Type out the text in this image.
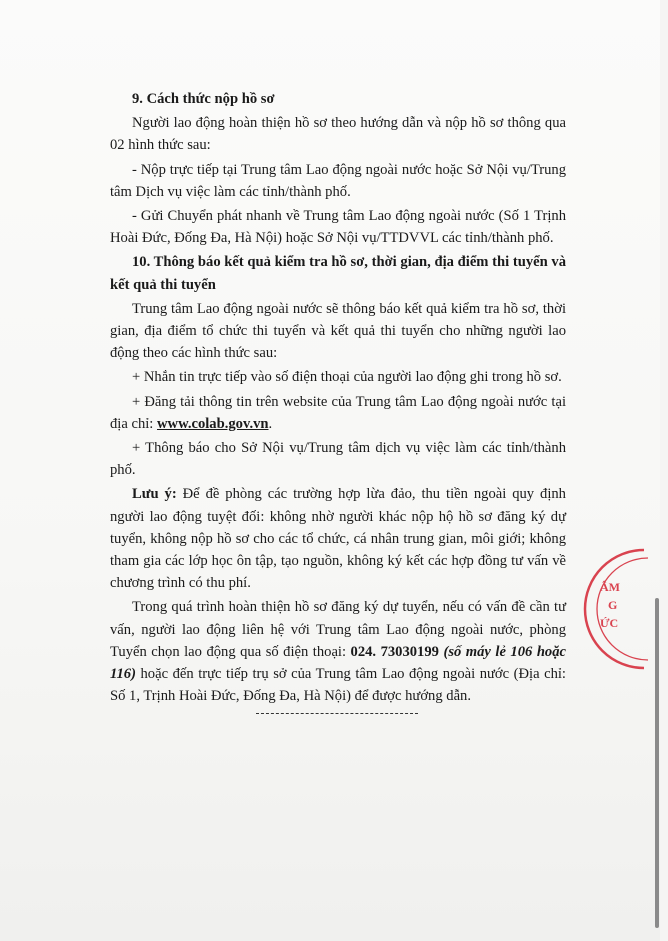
9. Cách thức nộp hồ sơ

Người lao động hoàn thiện hồ sơ theo hướng dẫn và nộp hồ sơ thông qua 02 hình thức sau:

- Nộp trực tiếp tại Trung tâm Lao động ngoài nước hoặc Sở Nội vụ/Trung tâm Dịch vụ việc làm các tỉnh/thành phố.

- Gửi Chuyển phát nhanh về Trung tâm Lao động ngoài nước (Số 1 Trịnh Hoài Đức, Đống Đa, Hà Nội) hoặc Sở Nội vụ/TTDVVL các tỉnh/thành phố.

10. Thông báo kết quả kiểm tra hồ sơ, thời gian, địa điểm thi tuyển và kết quả thi tuyển

Trung tâm Lao động ngoài nước sẽ thông báo kết quả kiểm tra hồ sơ, thời gian, địa điểm tổ chức thi tuyển và kết quả thi tuyển cho những người lao động theo các hình thức sau:

+ Nhắn tin trực tiếp vào số điện thoại của người lao động ghi trong hồ sơ.

+ Đăng tải thông tin trên website của Trung tâm Lao động ngoài nước tại địa chỉ: www.colab.gov.vn.

+ Thông báo cho Sở Nội vụ/Trung tâm dịch vụ việc làm các tỉnh/thành phố.

Lưu ý: Để đề phòng các trường hợp lừa đảo, thu tiền ngoài quy định người lao động tuyệt đối: không nhờ người khác nộp hộ hồ sơ đăng ký dự tuyển, không nộp hồ sơ cho các tổ chức, cá nhân trung gian, môi giới; không tham gia các lớp học ôn tập, tạo nguồn, không ký kết các hợp đồng tư vấn về chương trình có thu phí.

Trong quá trình hoàn thiện hồ sơ đăng ký dự tuyển, nếu có vấn đề cần tư vấn, người lao động liên hệ với Trung tâm Lao động ngoài nước, phòng Tuyển chọn lao động qua số điện thoại: 024. 73030199 (số máy lẻ 106 hoặc 116) hoặc đến trực tiếp trụ sở của Trung tâm Lao động ngoài nước (Địa chỉ: Số 1, Trịnh Hoài Đức, Đống Đa, Hà Nội) để được hướng dẫn.

ÂM
G
ỨC
ÂM G ỨC
